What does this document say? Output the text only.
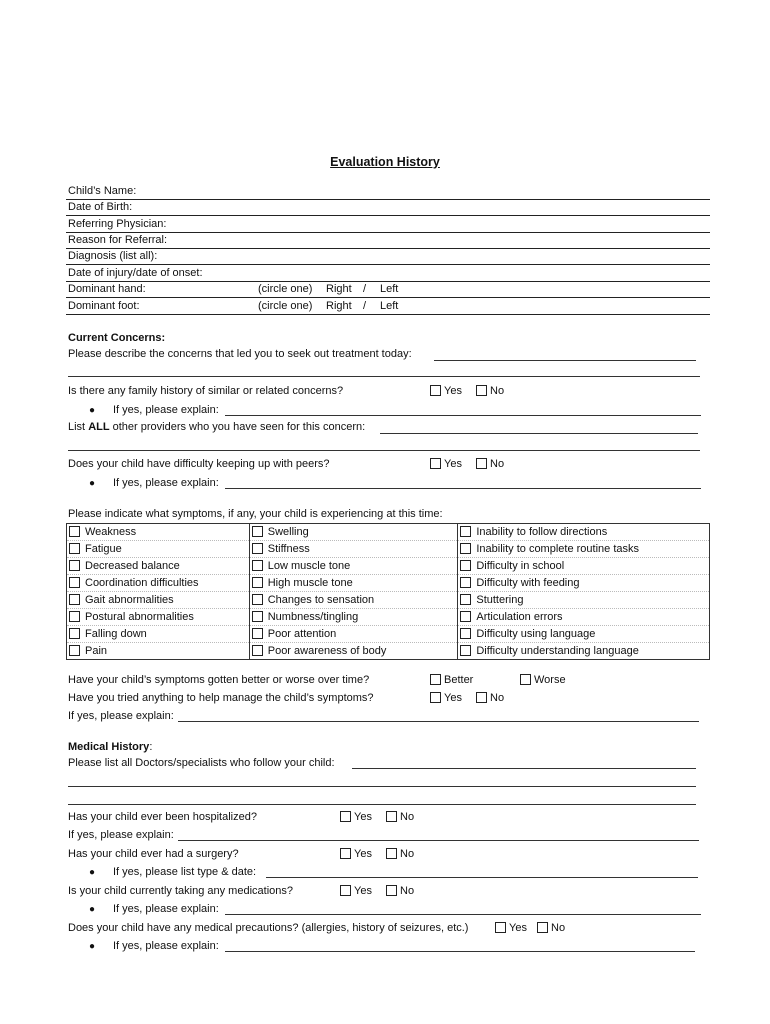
Evaluation History
Child’s Name:
Date of Birth:
Referring Physician:
Reason for Referral:
Diagnosis (list all):
Date of injury/date of onset:
Dominant hand:	(circle one) Right / Left
Dominant foot:	(circle one) Right / Left
Current Concerns:
Please describe the concerns that led you to seek out treatment today:
Is there any family history of similar or related concerns?	Yes	No
● If yes, please explain:
List ALL other providers who you have seen for this concern:
Does your child have difficulty keeping up with peers?	Yes	No
● If yes, please explain:
Please indicate what symptoms, if any, your child is experiencing at this time:
Weakness	Swelling	Inability to follow directions
Fatigue	Stiffness	Inability to complete routine tasks
Decreased balance	Low muscle tone	Difficulty in school
Coordination difficulties	High muscle tone	Difficulty with feeding
Gait abnormalities	Changes to sensation	Stuttering
Postural abnormalities	Numbness/tingling	Articulation errors
Falling down	Poor attention	Difficulty using language
Pain	Poor awareness of body	Difficulty understanding language
Have your child’s symptoms gotten better or worse over time?	Better	Worse
Have you tried anything to help manage the child’s symptoms?	Yes	No
If yes, please explain:
Medical History:
Please list all Doctors/specialists who follow your child:
Has your child ever been hospitalized?	Yes	No
If yes, please explain:
Has your child ever had a surgery?	Yes	No
● If yes, please list type & date:
Is your child currently taking any medications?	Yes	No
● If yes, please explain:
Does your child have any medical precautions? (allergies, history of seizures, etc.)	Yes	No
● If yes, please explain:
